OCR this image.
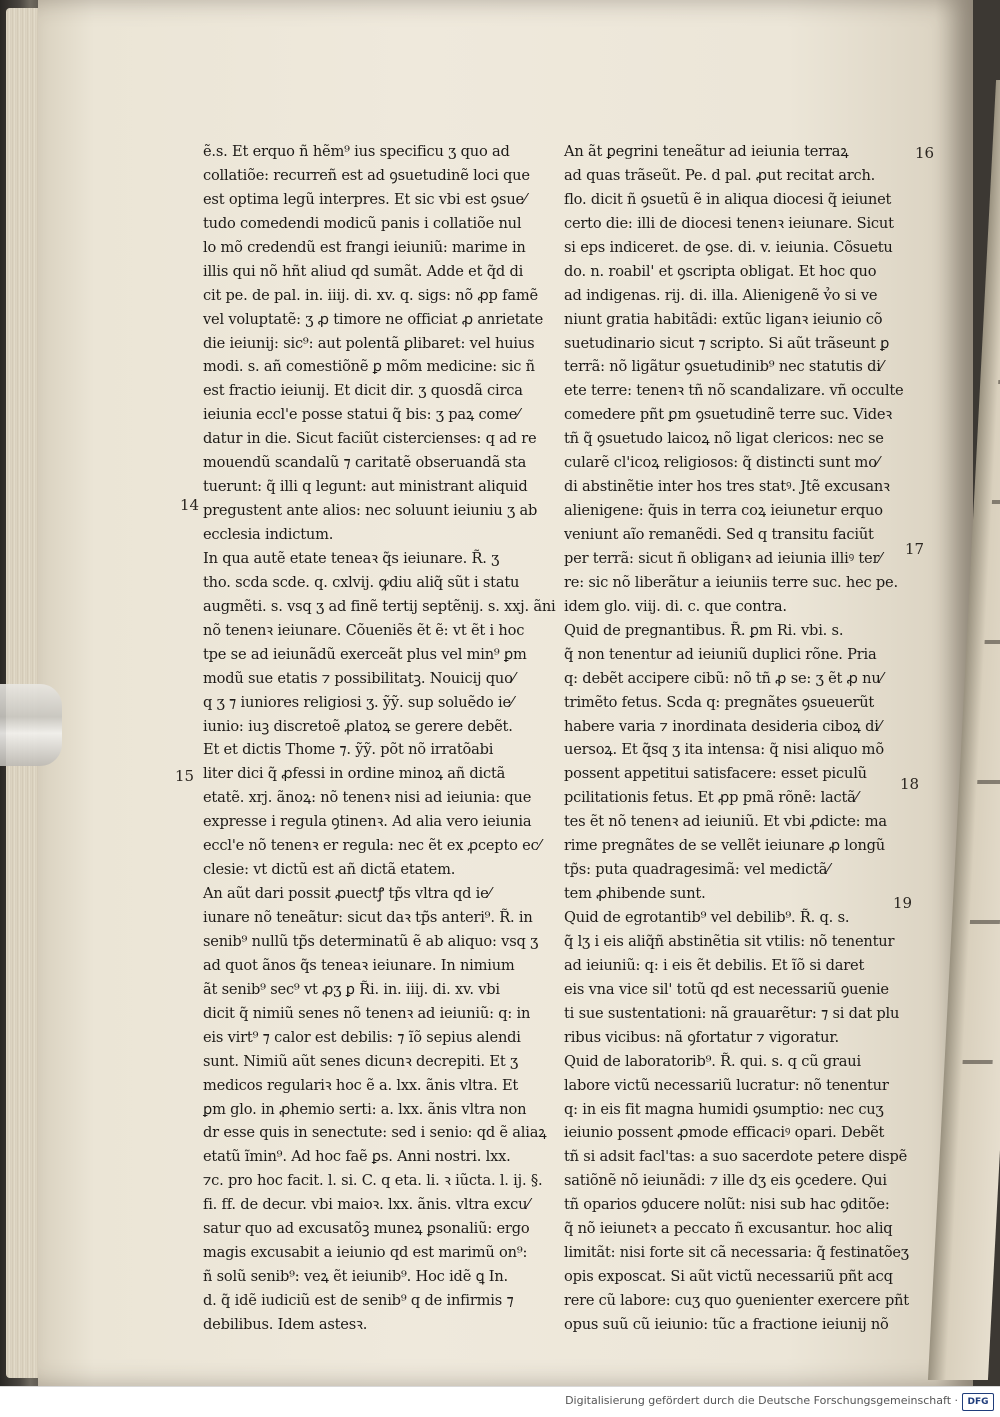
ẽ.s. Et erquo ñ hẽm⁹ ius specificu ʒ quo ad
collatiõe: recurreñ est ad ꝯsuetudinẽ loci que
est optima legũ interpres. Et sic vbi est ꝯsue⁄
tudo comedendi modicũ panis i collatiõe nul
lo mõ credendũ est frangi ieiuniũ: marime in
illis qui nõ hñt aliud qd sumãt. Adde et q̃d di
cit pe. de pal. in. iiij. di. xv. q. sigs: nõ ꝓp famẽ
vel voluptatẽ: ʒ ꝓ timore ne officiat ꝓ anrietate
die ieiunij: sic⁹: aut polentã ꝑlibaret: vel huius
modi. s. añ comestiõnẽ ꝑ mõm medicine: sic ñ
est fractio ieiunij. Et dicit dir. ʒ quosdã circa
ieiunia eccl'e posse statui q̃ bis: ʒ paꝝ come⁄
datur in die. Sicut faciũt cistercienses: q ad re
mouendũ scandalũ ⁊ caritatẽ obseruandã sta
tuerunt: q̃ illi q legunt: aut ministrant aliquid
pregustent ante alios: nec soluunt ieiuniu ʒ ab
ecclesia indictum.
In qua autẽ etate teneaꝛ q̃s ieiunare. R̃. ʒ
tho. scda scde. q. cxlvij. ꝙdiu aliq̃ sũt i statu
augmẽti. s. vsq ʒ ad finẽ tertij septẽnij. s. xxj. ãni
nõ tenenꝛ ieiunare. Cõueniẽs ẽt ẽ: vt ẽt i hoc
tpe se ad ieiunãdũ exerceãt plus vel min⁹ ꝑm
modũ sue etatis ⁊ possibilitatꝫ. Nouicij quo⁄
q ʒ ⁊ iuniores religiosi ʒ. ỹỹ. sup soluẽdo ie⁄
iunio: iuꝫ discretoẽ ꝓlatoꝝ se gerere debẽt.
Et et dictis Thome ⁊. ỹỹ. põt nõ irratõabi
liter dici q̃ ꝓfessi in ordine minoꝝ añ dictã
etatẽ. xrj. ãnoꝝ: nõ tenenꝛ nisi ad ieiunia: que
expresse i regula ꝯtinenꝛ. Ad alia vero ieiunia
eccl'e nõ tenenꝛ er regula: nec ẽt ex ꝓcepto ec⁄
clesie: vt dictũ est añ dictã etatem.
An aũt dari possit ꝓuectꝭ tp̃s vltra qd ie⁄
iunare nõ teneãtur: sicut daꝛ tp̃s anteri⁹. R̃. in
senib⁹ nullũ tp̃s determinatũ ẽ ab aliquo: vsq ʒ
ad quot ãnos q̃s teneaꝛ ieiunare. In nimium
ãt senib⁹ sec⁹ vt ꝓʒ ꝑ R̃i. in. iiij. di. xv. vbi
dicit q̃ nimiũ senes nõ tenenꝛ ad ieiuniũ: q: in
eis virt⁹ ⁊ calor est debilis: ⁊ ĩõ sepius alendi
sunt. Nimiũ aũt senes dicunꝛ decrepiti. Et ʒ
medicos regulariꝛ hoc ẽ a. lxx. ãnis vltra. Et
ꝑm glo. in ꝓhemio serti: a. lxx. ãnis vltra non
dr esse quis in senectute: sed i senio: qd ẽ aliaꝝ
etatũ ĩmin⁹. Ad hoc faẽ ꝑs. Anni nostri. lxx.
⁊c. pro hoc facit. l. si. C. q eta. li. ꝛ iũcta. l. ij. §.
fi. ff. de decur. vbi maioꝛ. lxx. ãnis. vltra excu⁄
satur quo ad excusatõꝫ muneꝝ ꝑsonaliũ: ergo
magis excusabit a ieiunio qd est marimũ on⁹:
ñ solũ senib⁹: veꝝ ẽt ieiunib⁹. Hoc idẽ ꝗ In.
d. q̃ idẽ iudiciũ est de senib⁹ q de infirmis ⁊
debilibus. Idem astesꝛ.
An ãt ꝑegrini teneãtur ad ieiunia terraꝝ
ad quas trãseũt. Pe. d pal. ꝓut recitat arch.
flo. dicit ñ ꝯsuetũ ẽ in aliqua diocesi q̃ ieiunet
certo die: illi de diocesi tenenꝛ ieiunare. Sicut
si eps indiceret. de ꝯse. di. v. ieiunia. Cõsuetu
do. n. roabil' et ꝯscripta obligat. Et hoc quo
ad indigenas. rij. di. illa. Alienigenẽ v̉o si ve
niunt gratia habitãdi: extũc liganꝛ ieiunio cõ
suetudinario sicut ⁊ scripto. Si aũt trãseunt ꝑ
terrã: nõ ligãtur ꝯsuetudinib⁹ nec statutis di⁄
ete terre: tenenꝛ tñ nõ scandalizare. vñ occulte
comedere pñt ꝑm ꝯsuetudinẽ terre suc. Videꝛ
tñ q̃ ꝯsuetudo laicoꝝ nõ ligat clericos: nec se
cularẽ cl'icoꝝ religiosos: q̃ distincti sunt mo⁄
di abstinẽtie inter hos tres statꝰ. Jtẽ excusanꝛ
alienigene: q̃uis in terra coꝝ ieiunetur erquo
veniunt aĩo remanẽdi. Sed q transitu faciũt
per terrã: sicut ñ obliganꝛ ad ieiunia illiꝰ ter⁄
re: sic nõ liberãtur a ieiuniis terre suc. hec pe.
idem glo. viij. di. c. que contra.
Quid de pregnantibus. R̃. ꝑm Ri. vbi. s.
q̃ non tenentur ad ieiuniũ duplici rõne. Pria
q: debẽt accipere cibũ: nõ tñ ꝓ se: ʒ ẽt ꝓ nu⁄
trimẽto fetus. Scda q: pregnãtes ꝯsueuerũt
habere varia ⁊ inordinata desideria ciboꝝ di⁄
uersoꝝ. Et q̃sq ʒ ita intensa: q̃ nisi aliquo mõ
possent appetitui satisfacere: esset piculũ
pcilitationis fetus. Et ꝓp pmã rõnẽ: lactã⁄
tes ẽt nõ tenenꝛ ad ieiuniũ. Et vbi ꝓdicte: ma
rime pregnãtes de se vellẽt ieiunare ꝓ longũ
tp̃s: puta quadragesimã: vel medictã⁄
tem ꝓhibende sunt.
Quid de egrotantib⁹ vel debilib⁹. R̃. q. s.
q̃ lʒ i eis aliq̃ñ abstinẽtia sit vtilis: nõ tenentur
ad ieiuniũ: q: i eis ẽt debilis. Et ĩõ si daret
eis vna vice sil' totũ qd est necessariũ ꝯuenie
ti sue sustentationi: nã grauarẽtur: ⁊ si dat plu
ribus vicibus: nã ꝯfortatur ⁊ vigoratur.
Quid de laboratorib⁹. R̃. qui. s. q cũ graui
labore victũ necessariũ lucratur: nõ tenentur
q: in eis fit magna humidi ꝯsumptio: nec cuʒ
ieiunio possent ꝓmode efficaciꝰ opari. Debẽt
tñ si adsit facl'tas: a suo sacerdote petere dispẽ
satiõnẽ nõ ieiunãdi: ⁊ ille dʒ eis ꝯcedere. Qui
tñ oparios ꝯducere nolũt: nisi sub hac ꝯditõe:
q̃ nõ ieiunetꝛ a peccato ñ excusantur. hoc aliq
limitãt: nisi forte sit cã necessaria: q̃ festinatõeʒ
opis exposcat. Si aũt victũ necessariũ pñt acq
rere cũ labore: cuʒ quo ꝯuenienter exercere pñt
opus suũ cũ ieiunio: tũc a fractione ieiunij nõ
14
15
16
17
18
19
Digitalisierung gefördert durch die Deutsche Forschungsgemeinschaft ·	DFG
